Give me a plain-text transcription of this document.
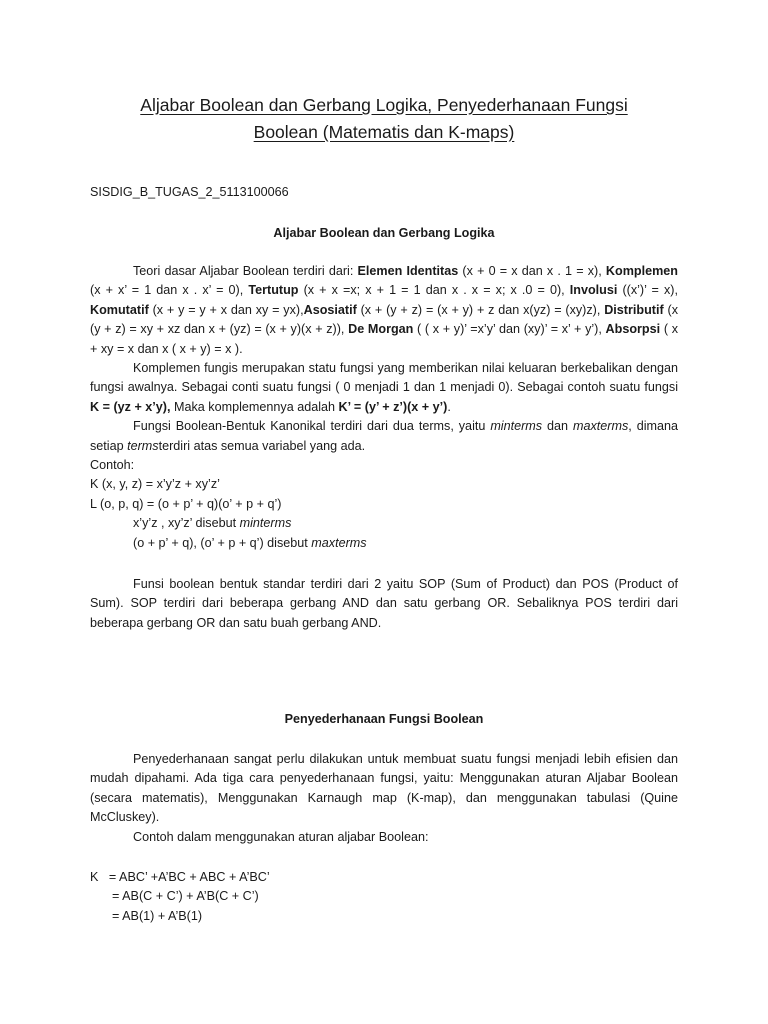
Aljabar Boolean dan Gerbang Logika, Penyederhanaan Fungsi
Boolean (Matematis dan K-maps)
SISDIG_B_TUGAS_2_5113100066
Aljabar Boolean dan Gerbang Logika

Teori dasar Aljabar Boolean terdiri dari: Elemen Identitas (x + 0 = x dan x . 1 = x), Komplemen (x + x’ = 1 dan x . x’ = 0), Tertutup (x + x =x; x + 1 = 1 dan x . x = x; x .0 = 0), Involusi ((x’)’ = x), Komutatif (x + y = y + x dan xy = yx),Asosiatif (x + (y + z) = (x + y) + z dan x(yz) = (xy)z), Distributif (x (y + z) = xy + xz dan x + (yz) = (x + y)(x + z)), De Morgan ( ( x + y)’ =x’y’ dan (xy)’ = x’ + y’), Absorpsi ( x + xy = x dan x ( x + y) = x ).

Komplemen fungis merupakan statu fungsi yang memberikan nilai keluaran berkebalikan dengan fungsi awalnya. Sebagai conti suatu fungsi ( 0 menjadi 1 dan 1 menjadi 0). Sebagai contoh suatu fungsi K = (yz + x’y), Maka komplemennya adalah K’ = (y’ + z’)(x + y’).

Fungsi Boolean-Bentuk Kanonikal terdiri dari dua terms, yaitu minterms dan maxterms, dimana setiap termsterdiri atas semua variabel yang ada.

Contoh:
K (x, y, z) = x’y’z + xy’z’
L (o, p, q) = (o + p’ + q)(o’ + p + q’)
x’y’z , xy’z’ disebut minterms
(o + p’ + q), (o’ + p + q’) disebut maxterms

Funsi boolean bentuk standar terdiri dari 2 yaitu SOP (Sum of Product) dan POS (Product of Sum). SOP terdiri dari beberapa gerbang AND dan satu gerbang OR. Sebaliknya POS terdiri dari beberapa gerbang OR dan satu buah gerbang AND.

Penyederhanaan Fungsi Boolean

Penyederhanaan sangat perlu dilakukan untuk membuat suatu fungsi menjadi lebih efisien dan mudah dipahami. Ada tiga cara penyederhanaan fungsi, yaitu: Menggunakan aturan Aljabar Boolean (secara matematis), Menggunakan Karnaugh map (K-map), dan menggunakan tabulasi (Quine McCluskey).

Contoh dalam menggunakan aturan aljabar Boolean:

K   = ABC’ +A’BC + ABC + A’BC’
= AB(C + C’) + A’B(C + C’)
= AB(1) + A’B(1)
